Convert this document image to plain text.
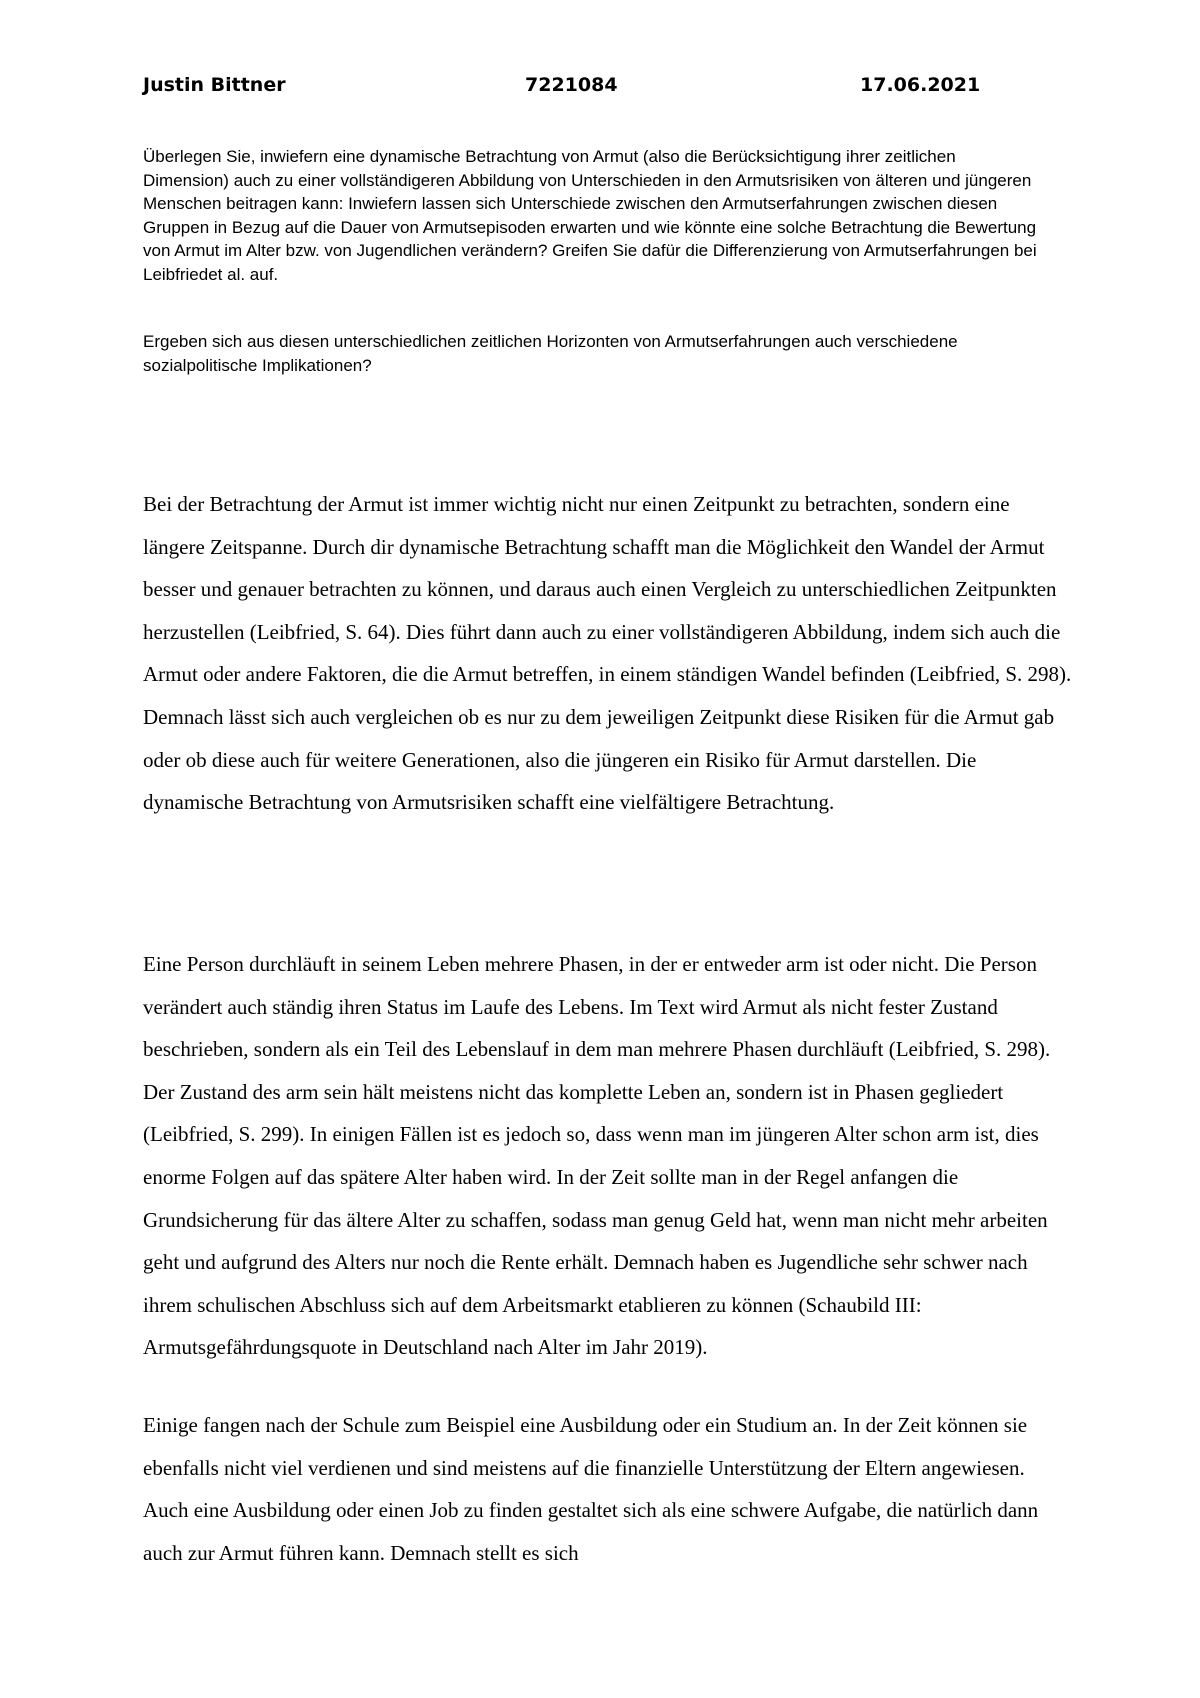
Justin Bittner	7221084	17.06.2021

Überlegen Sie, inwiefern eine dynamische Betrachtung von Armut (also die Berücksichtigung ihrer zeitlichen Dimension) auch zu einer vollständigeren Abbildung von Unterschieden in den Armutsrisiken von älteren und jüngeren Menschen beitragen kann: Inwiefern lassen sich Unterschiede zwischen den Armutserfahrungen zwischen diesen Gruppen in Bezug auf die Dauer von Armutsepisoden erwarten und wie könnte eine solche Betrachtung die Bewertung von Armut im Alter bzw. von Jugendlichen verändern? Greifen Sie dafür die Differenzierung von Armutserfahrungen bei Leibfriedet al. auf.

Ergeben sich aus diesen unterschiedlichen zeitlichen Horizonten von Armutserfahrungen auch verschiedene sozialpolitische Implikationen?

Bei der Betrachtung der Armut ist immer wichtig nicht nur einen Zeitpunkt zu betrachten, sondern eine längere Zeitspanne. Durch dir dynamische Betrachtung schafft man die Möglichkeit den Wandel der Armut besser und genauer betrachten zu können, und daraus auch einen Vergleich zu unterschiedlichen Zeitpunkten herzustellen (Leibfried, S. 64). Dies führt dann auch zu einer vollständigeren Abbildung, indem sich auch die Armut oder andere Faktoren, die die Armut betreffen, in einem ständigen Wandel befinden (Leibfried, S. 298). Demnach lässt sich auch vergleichen ob es nur zu dem jeweiligen Zeitpunkt diese Risiken für die Armut gab oder ob diese auch für weitere Generationen, also die jüngeren ein Risiko für Armut darstellen. Die dynamische Betrachtung von Armutsrisiken schafft eine vielfältigere Betrachtung.

Eine Person durchläuft in seinem Leben mehrere Phasen, in der er entweder arm ist oder nicht. Die Person verändert auch ständig ihren Status im Laufe des Lebens. Im Text wird Armut als nicht fester Zustand beschrieben, sondern als ein Teil des Lebenslauf in dem man mehrere Phasen durchläuft (Leibfried, S. 298). Der Zustand des arm sein hält meistens nicht das komplette Leben an, sondern ist in Phasen gegliedert (Leibfried, S. 299). In einigen Fällen ist es jedoch so, dass wenn man im jüngeren Alter schon arm ist, dies enorme Folgen auf das spätere Alter haben wird. In der Zeit sollte man in der Regel anfangen die Grundsicherung für das ältere Alter zu schaffen, sodass man genug Geld hat, wenn man nicht mehr arbeiten geht und aufgrund des Alters nur noch die Rente erhält. Demnach haben es Jugendliche sehr schwer nach ihrem schulischen Abschluss sich auf dem Arbeitsmarkt etablieren zu können (Schaubild III: Armutsgefährdungsquote in Deutschland nach Alter im Jahr 2019).

Einige fangen nach der Schule zum Beispiel eine Ausbildung oder ein Studium an. In der Zeit können sie ebenfalls nicht viel verdienen und sind meistens auf die finanzielle Unterstützung der Eltern angewiesen. Auch eine Ausbildung oder einen Job zu finden gestaltet sich als eine schwere Aufgabe, die natürlich dann auch zur Armut führen kann. Demnach stellt es sich
